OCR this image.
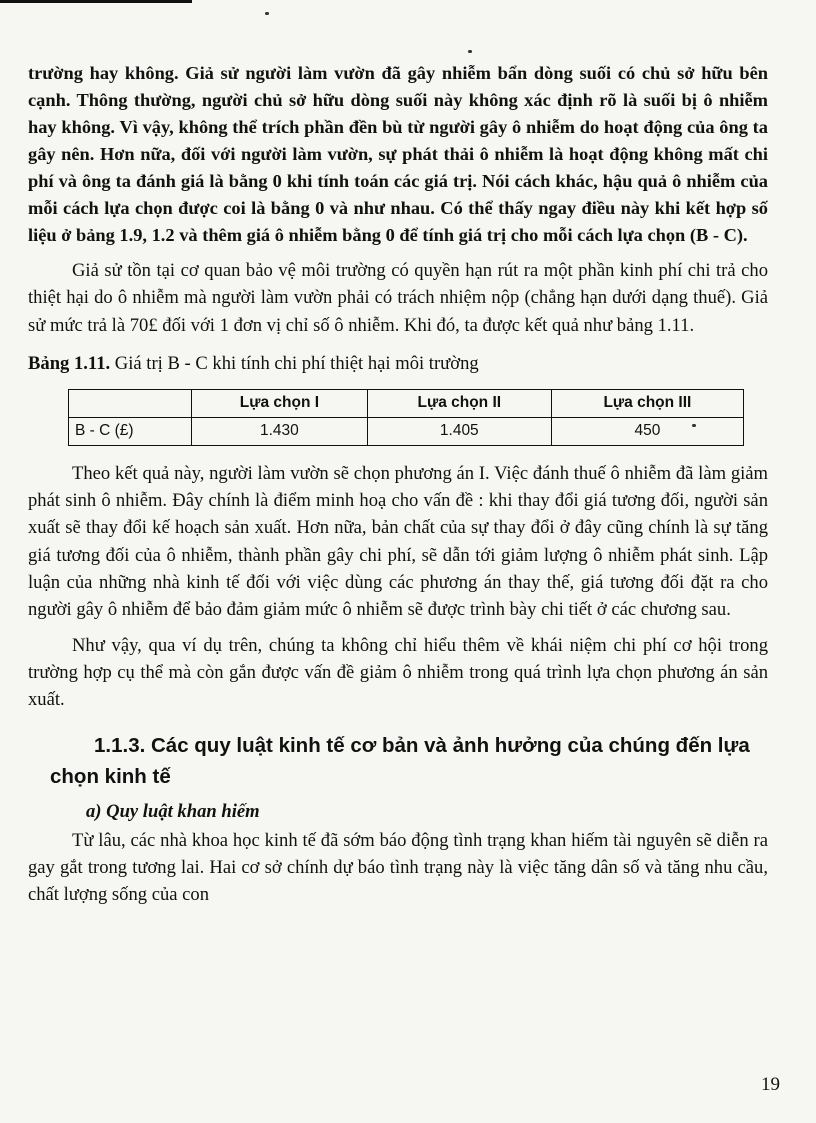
trường hay không. Giả sử người làm vườn đã gây nhiễm bẩn dòng suối có chủ sở hữu bên cạnh. Thông thường, người chủ sở hữu dòng suối này không xác định rõ là suối bị ô nhiễm hay không. Vì vậy, không thể trích phần đền bù từ người gây ô nhiễm do hoạt động của ông ta gây nên. Hơn nữa, đối với người làm vườn, sự phát thải ô nhiễm là hoạt động không mất chi phí và ông ta đánh giá là bằng 0 khi tính toán các giá trị. Nói cách khác, hậu quả ô nhiễm của mỗi cách lựa chọn được coi là bằng 0 và như nhau. Có thể thấy ngay điều này khi kết hợp số liệu ở bảng 1.9, 1.2 và thêm giá ô nhiễm bằng 0 để tính giá trị cho mỗi cách lựa chọn (B - C).

Giả sử tồn tại cơ quan bảo vệ môi trường có quyền hạn rút ra một phần kinh phí chi trả cho thiệt hại do ô nhiễm mà người làm vườn phải có trách nhiệm nộp (chẳng hạn dưới dạng thuế). Giả sử mức trả là 70£ đối với 1 đơn vị chỉ số ô nhiễm. Khi đó, ta được kết quả như bảng 1.11.

Bảng 1.11. Giá trị B - C khi tính chi phí thiệt hại môi trường
	Lựa chọn I	Lựa chọn II	Lựa chọn III
B - C (£)	1.430	1.405	450

Theo kết quả này, người làm vườn sẽ chọn phương án I. Việc đánh thuế ô nhiễm đã làm giảm phát sinh ô nhiễm. Đây chính là điểm minh hoạ cho vấn đề : khi thay đổi giá tương đối, người sản xuất sẽ thay đổi kế hoạch sản xuất. Hơn nữa, bản chất của sự thay đổi ở đây cũng chính là sự tăng giá tương đối của ô nhiễm, thành phần gây chi phí, sẽ dẫn tới giảm lượng ô nhiễm phát sinh. Lập luận của những nhà kinh tế đối với việc dùng các phương án thay thế, giá tương đối đặt ra cho người gây ô nhiễm để bảo đảm giảm mức ô nhiễm sẽ được trình bày chi tiết ở các chương sau.

Như vậy, qua ví dụ trên, chúng ta không chỉ hiểu thêm về khái niệm chi phí cơ hội trong trường hợp cụ thể mà còn gắn được vấn đề giảm ô nhiễm trong quá trình lựa chọn phương án sản xuất.

1.1.3. Các quy luật kinh tế cơ bản và ảnh hưởng của chúng đến lựa chọn kinh tế
a) Quy luật khan hiếm

Từ lâu, các nhà khoa học kinh tế đã sớm báo động tình trạng khan hiếm tài nguyên sẽ diễn ra gay gắt trong tương lai. Hai cơ sở chính dự báo tình trạng này là việc tăng dân số và tăng nhu cầu, chất lượng sống của con

19
